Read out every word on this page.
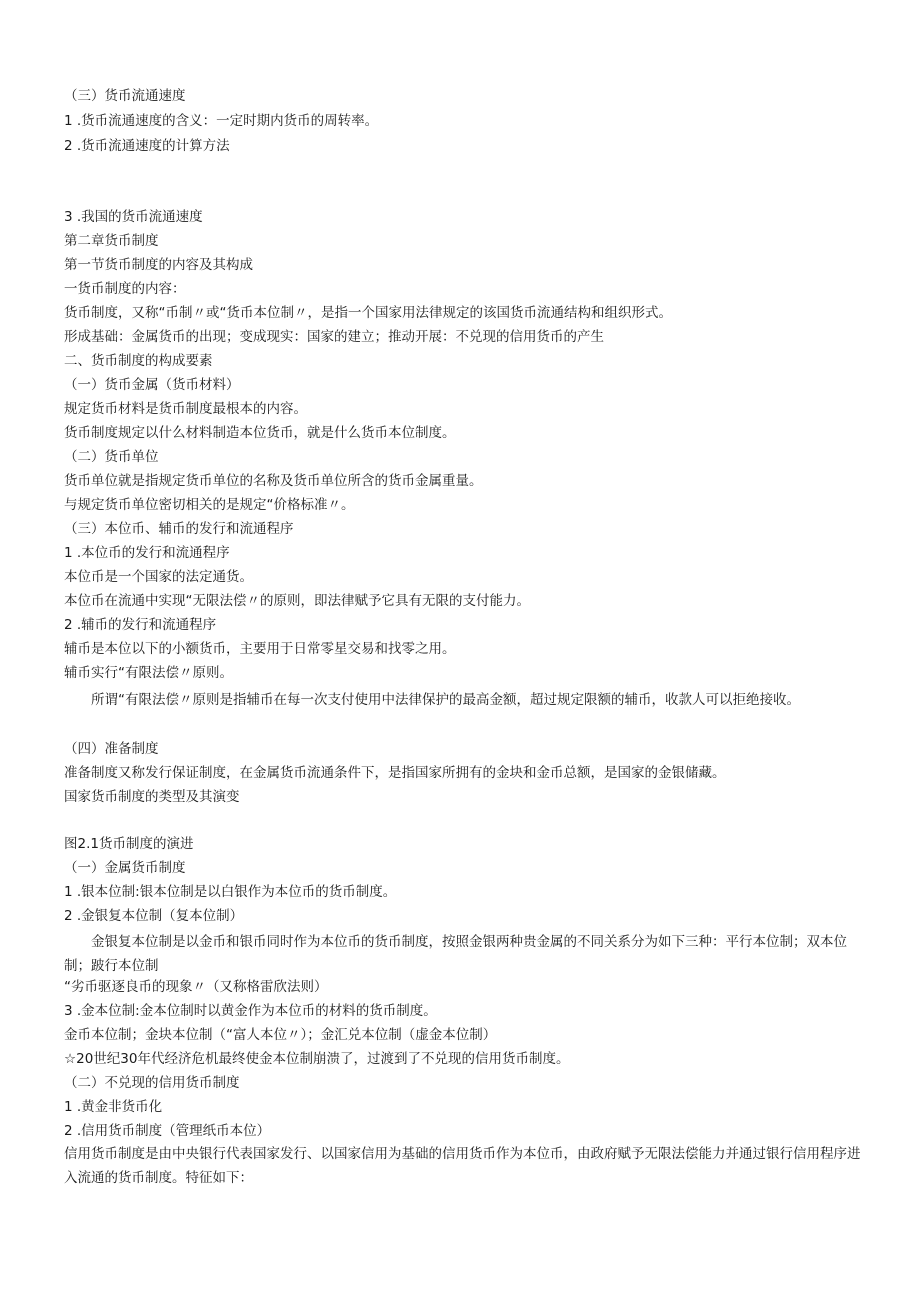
（三）货币流通速度
1 .货币流通速度的含义：一定时期内货币的周转率。
2 .货币流通速度的计算方法
3 .我国的货币流通速度
第二章货币制度
第一节货币制度的内容及其构成
一货币制度的内容：
货币制度，又称“币制〃或“货币本位制〃，是指一个国家用法律规定的该国货币流通结构和组织形式。
形成基础：金属货币的出现；变成现实：国家的建立；推动开展：不兑现的信用货币的产生
二、货币制度的构成要素
（一）货币金属（货币材料）
规定货币材料是货币制度最根本的内容。
货币制度规定以什么材料制造本位货币，就是什么货币本位制度。
（二）货币单位
货币单位就是指规定货币单位的名称及货币单位所含的货币金属重量。
与规定货币单位密切相关的是规定“价格标准〃。
（三）本位币、辅币的发行和流通程序
1 .本位币的发行和流通程序
本位币是一个国家的法定通货。
本位币在流通中实现“无限法偿〃的原则，即法律赋予它具有无限的支付能力。
2 .辅币的发行和流通程序
辅币是本位以下的小额货币，主要用于日常零星交易和找零之用。
辅币实行“有限法偿〃原则。
所谓“有限法偿〃原则是指辅币在每一次支付使用中法律保护的最高金额，超过规定限额的辅币，收款人可以拒绝接收。
（四）准备制度
准备制度又称发行保证制度，在金属货币流通条件下，是指国家所拥有的金块和金币总额，是国家的金银储藏。
国家货币制度的类型及其演变
图2.1货币制度的演进
（一）金属货币制度
1 .银本位制:银本位制是以白银作为本位币的货币制度。
2 .金银复本位制（复本位制）
金银复本位制是以金币和银币同时作为本位币的货币制度，按照金银两种贵金属的不同关系分为如下三种：平行本位制；双本位制；跛行本位制
“劣币驱逐良币的现象〃（又称格雷欣法则）
3 .金本位制:金本位制时以黄金作为本位币的材料的货币制度。
金币本位制；金块本位制（“富人本位〃）；金汇兑本位制（虚金本位制）
☆20世纪30年代经济危机最终使金本位制崩溃了，过渡到了不兑现的信用货币制度。
（二）不兑现的信用货币制度
1 .黄金非货币化
2 .信用货币制度（管理纸币本位）
信用货币制度是由中央银行代表国家发行、以国家信用为基础的信用货币作为本位币，由政府赋予无限法偿能力并通过银行信用程序进入流通的货币制度。特征如下：
